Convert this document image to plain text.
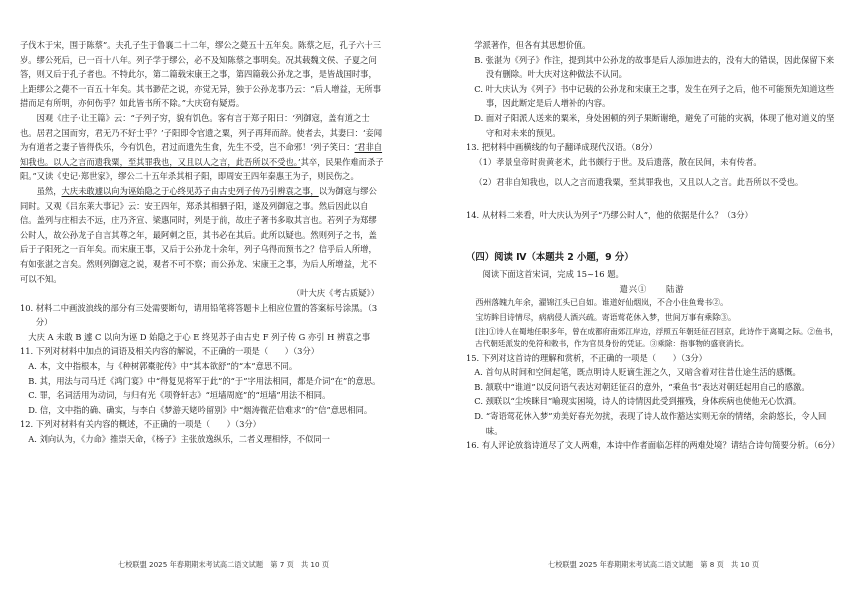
子伐木于宋，围于陈蔡”。夫孔子生于鲁襄二十二年，缪公之薨五十五年矣。陈蔡之厄，孔子六十三岁。缪公死后，已一百十八年。列子学于缪公，必不及知陈蔡之事明矣。况其载魏文侯、子夏之问答，则又后于孔子者也。不特此尔，第二篇载宋康王之事，第四篇载公孙龙之事，是皆战国时事，上距缪公之薨不一百五十年矣。其书渺茫之说，亦觉无异，独于公孙龙事乃云：“后人增益，无所事措而足有所明，亦何伤乎？如此皆书所不除。”大庆窃有疑焉。

因观《庄子·让王篇》云：“子列子穷，貌有饥色。客有言于郑子阳曰：‘列御寇，盖有道之士也。居君之国而穷，君无乃不好士乎？’子阳即令官遗之粟，列子再拜而辞。使者去，其妻曰：‘妾闻为有道者之妻子皆得佚乐，今有饥色，君过而遗先生食，先生不受，岂不命邪！’列子笑曰：‘君非自知我也。以人之言而遗我粟，至其罪我也，又且以人之言，此吾所以不受也。’其卒，民果作难而杀子阳。”又读《史记·郑世家》，缪公二十五年杀其相子阳，即周安王四年秦惠王为子，则民伤之。

虽然，大庆未敢遽以向为诬始隐之于心终见苏子由古史列子传乃引辨袁之事，以为御寇与缪公同时。又观《吕东莱大事记》云：安王四年，郑杀其相驷子阳，遂及列御寇之事。然后因此以自信。盖列与庄相去不远，庄乃齐宣、梁惠同时，列是于前，故庄子著书多取其言也。若列子为郑缪公时人，故公孙龙子自言其尊之年，最阿刺之臣，其书必在其后。此所以疑也。然则列子之书，盖后于子阳死之一百年矣。而宋康王事，又后于公孙龙十余年，列子乌得而预书之？信乎后人所增，有如张湛之言矣。然则列御寇之说，观者不可不察；而公孙龙、宋康王之事，为后人所增益，尤不可以不知。

（叶大庆《考古质疑》）

10. 材料二中画波浪线的部分有三处需要断句，请用铅笔将答题卡上相应位置的答案标号涂黑。（3分）

大庆 A 未敢 B 遽 C 以向为诬 D 始隐之于心 E 终见苏子由古史 F 列子传 G 亦引 H 辨袁之事

11. 下列对材料中加点的词语及相关内容的解说，不正确的一项是（　　）（3分）

A. 本，文中指根本，与《种树郭橐驼传》中“其本欲舒”的“本”意思不同。

B. 其，用法与司马迁《鸿门宴》中“得复见将军于此”的“于”字用法相同，都是介词“在”的意思。

C. 罪，名词活用为动词，与归有光《项脊轩志》“垣墙周庭”的“垣墙”用法不相同。

D. 信，文中指的确、确实，与李白《梦游天姥吟留别》中“烟涛微茫信难求”的“信”意思相同。

12. 下列对材料有关内容的概述，不正确的一项是（　　）（3分）

A. 刘向认为，《力命》推崇天命，《杨子》主张放逸纵乐，二者义理相悖，不似同一

学派著作，但各有其思想价值。

B. 张湛为《列子》作注，提到其中公孙龙的故事是后人添加进去的，没有大的错误，因此保留下来没有删除。叶大庆对这种做法不认同。

C. 叶大庆认为《列子》书中记载的公孙龙和宋康王之事，发生在列子之后，他不可能预先知道这些事，因此断定是后人增补的内容。

D. 面对子阳派人送来的粟米，身处困顿的列子果断谢绝，避免了可能的灾祸，体现了他对道义的坚守和对未来的预见。

13. 把材料中画横线的句子翻译成现代汉语。（8分）

（1）孝景皇帝时贵黄老术，此书颇行于世。及后遗落，散在民间，未有传者。

（2）君非自知我也，以人之言而遗我粟，至其罪我也，又且以人之言。此吾所以不受也。

14. 从材料二来看，叶大庆认为列子“乃缪公时人”，他的依据是什么？（3分）

（四）阅读 Ⅳ（本题共 2 小题，9 分）

阅读下面这首宋词，完成 15~16 题。

遣兴①　　陆游

西州落魄九年余，濯锦江头已自如。谁道好仙烟岚，不合小住鱼鸯书②。

宝坊眸目诗情尽，病病侵人酒兴疏。寄语莺花休入梦，世间万事有乘除③。

[注]①诗人在蜀地任职多年，曾在成都府南郊江岸边，浮照五年朝廷征召回京，此诗作于离蜀之际。②鱼书，古代朝廷派发的免符和敕书，作为官员身份的凭证。③乘除：指事物的盛衰消长。

15. 下列对这首诗的理解和赏析，不正确的一项是（　　）（3分）

A. 首句从时间和空间起笔，既点明诗人贬谪生涯之久，又暗含着对往昔仕途生活的感慨。

B. 颔联中“谁道”以反问语气表达对朝廷征召的意外，“乘鱼书”表达对朝廷起用自己的感激。

C. 颈联以“尘埃眯目”喻现实困境，诗人的诗情因此受到摧残，身体疾病也使他无心饮酒。

D. “寄语莺花休入梦”劝美好春光勿扰，表现了诗人故作豁达实则无奈的情绪，余韵悠长，令人回味。

16. 有人评论放翁诗道尽了文人两难，本诗中作者面临怎样的两难处境？请结合诗句简要分析。（6分）

七校联盟 2025 年春期期末考试高二语文试题　第 7 页　共 10 页	七校联盟 2025 年春期期末考试高二语文试题　第 8 页　共 10 页
